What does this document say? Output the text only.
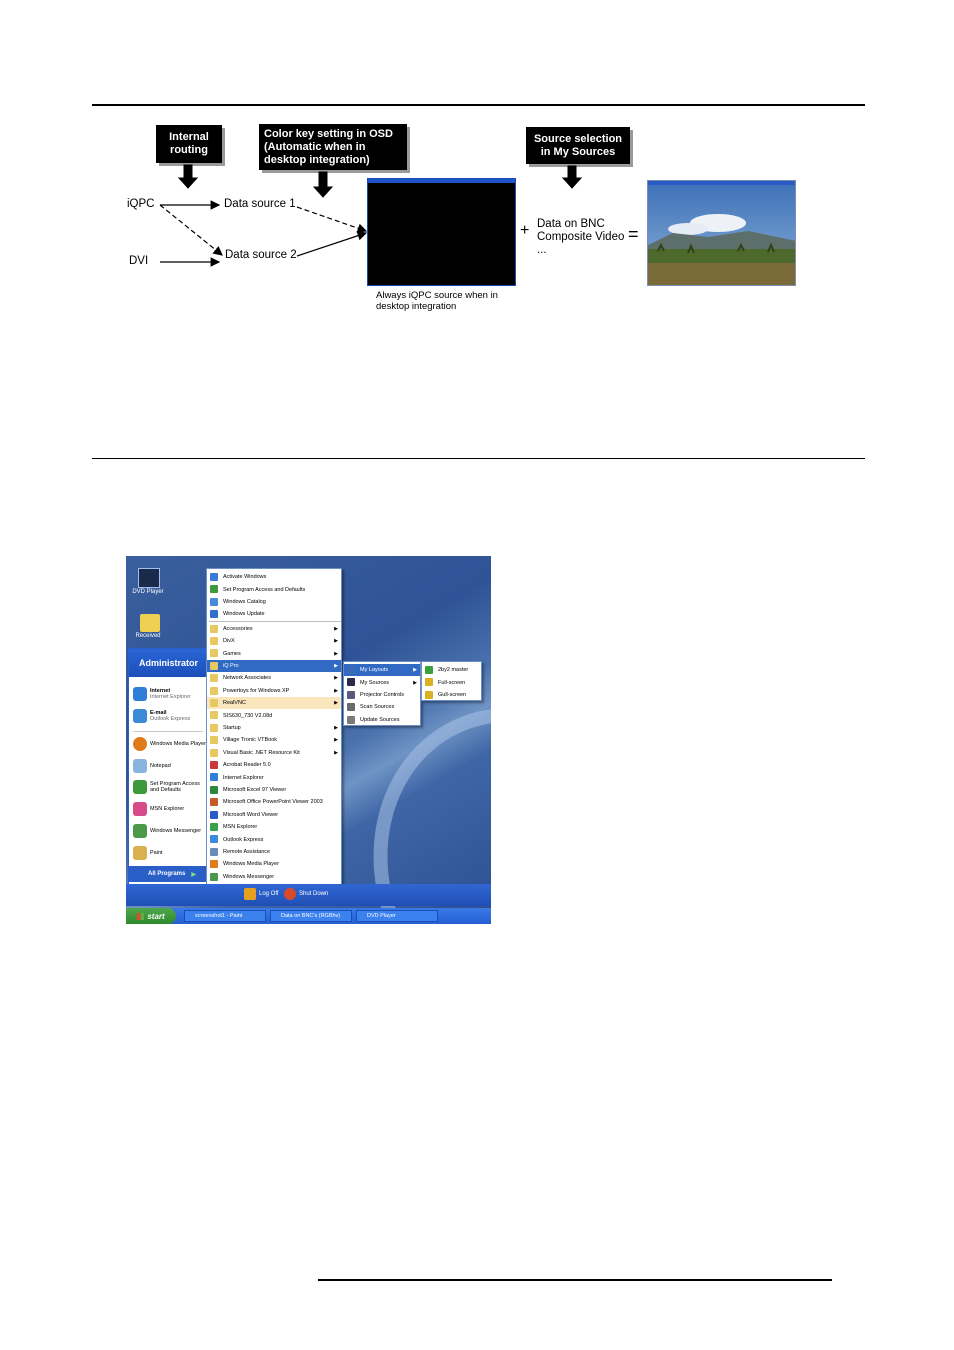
Internal
routing
Color key setting in OSD
(Automatic when in
desktop integration)
Source selection
in My Sources
iQPC
DVI
Data source 1
Data source 2
Always iQPC source when in
desktop integration
+ Data on BNC
Composite Video
...
=
DVD Player
Received
Administrator
Internet
Internet Explorer
E-mail
Outlook Express
Windows Media Player
Notepad
Set Program Access and Defaults
MSN Explorer
Windows Messenger
Paint
All Programs ▶
Activate Windows
Set Program Access and Defaults
Windows Catalog
Windows Update
Accessories	▶
DivX	▶
Games	▶
iQ Pro	▶
Network Associates	▶
Powertoys for Windows XP	▶
RealVNC	▶
SIS630_730 V2.08d
Startup	▶
Village Tronic VTBook	▶
Visual Basic .NET Resource Kit	▶
Acrobat Reader 5.0
Internet Explorer
Microsoft Excel 97 Viewer
Microsoft Office PowerPoint Viewer 2003
Microsoft Word Viewer
MSN Explorer
Outlook Express
Remote Assistance
Windows Media Player
Windows Messenger
My Layouts	▶
My Sources	▶
Projector Controls
Scan Sources
Update Sources
2by2 master
Full-screen
Gull-screen
Log Off	Shut Down
start	screenshot1 - Paint	Data on BNC's (RGBhv)	DVD Player
